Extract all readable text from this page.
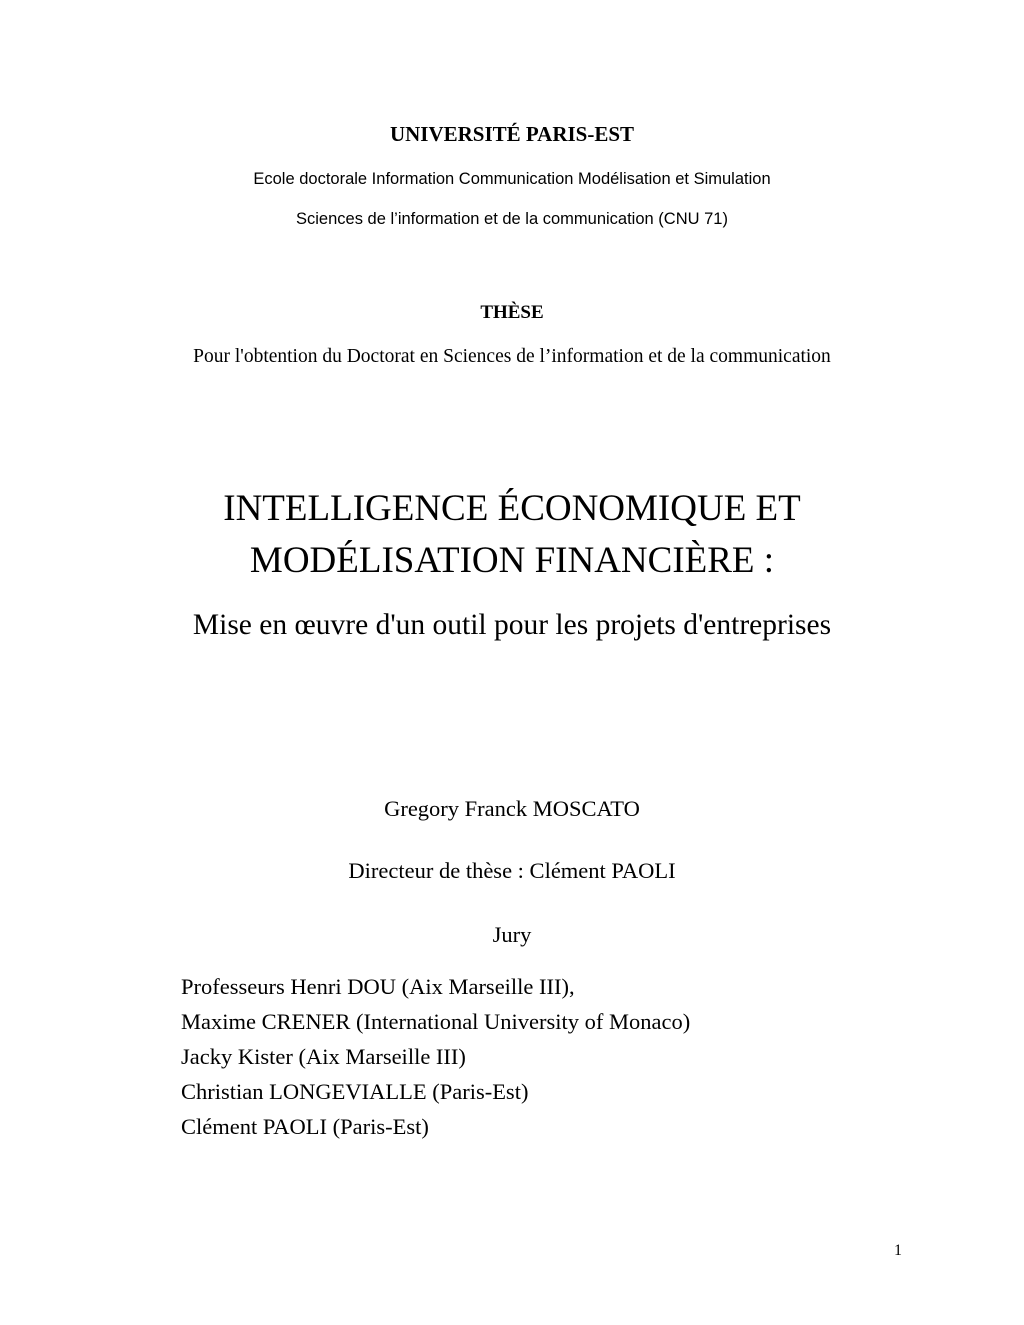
UNIVERSITÉ PARIS-EST
Ecole doctorale Information Communication Modélisation et Simulation
Sciences de l’information et de la communication (CNU 71)
THÈSE
Pour l'obtention du Doctorat en Sciences de l’information et de la communication
INTELLIGENCE ÉCONOMIQUE ET
MODÉLISATION FINANCIÈRE :
Mise en œuvre d'un outil pour les projets d'entreprises
Gregory Franck MOSCATO
Directeur de thèse : Clément PAOLI
Jury
Professeurs Henri DOU (Aix Marseille III),
Maxime CRENER (International University of Monaco)
Jacky Kister (Aix Marseille III)
Christian LONGEVIALLE (Paris-Est)
Clément PAOLI (Paris-Est)
1
